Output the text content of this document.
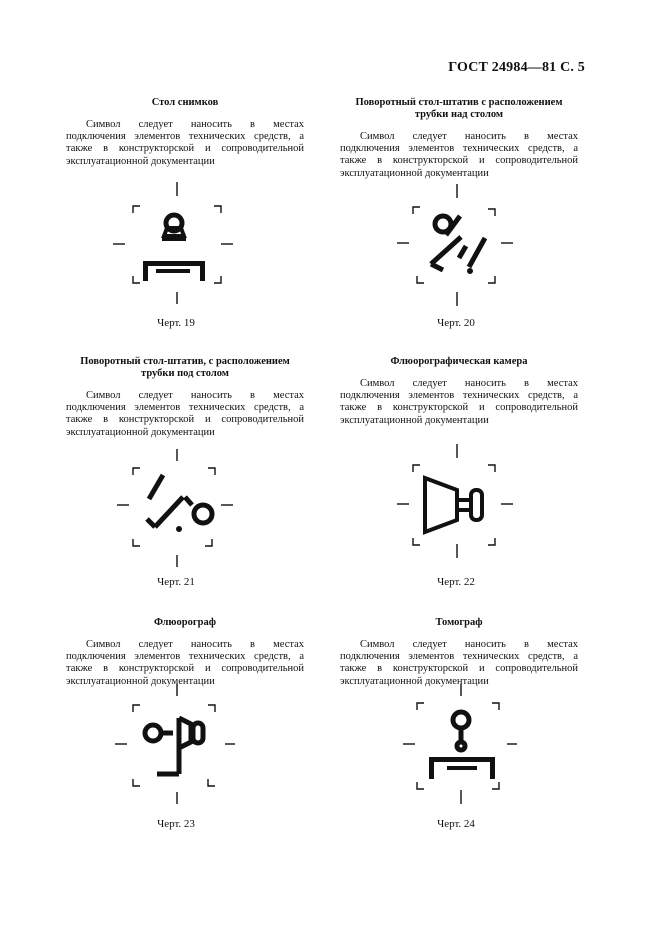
ГОСТ 24984—81 С. 5

Стол снимков

Символ следует наносить в местах подключения элементов технических средств, а также в конструкторской и сопроводительной эксплуатационной документации

Черт. 19

Поворотный стол-штатив с расположением трубки над столом

Символ следует наносить в местах подключения элементов технических средств, а также в конструкторской и сопроводительной эксплуатационной документации

Черт. 20

Поворотный стол-штатив, с расположением трубки под столом

Символ следует наносить в местах подключения элементов технических средств, а также в конструкторской и сопроводительной эксплуатационной документации

Черт. 21

Флюорографическая камера

Символ следует наносить в местах подключения элементов технических средств, а также в конструкторской и сопроводительной эксплуатационной документации

Черт. 22

Флюорограф

Символ следует наносить в местах подключения элементов технических средств, а также в конструкторской и сопроводительной эксплуатационной документации

Черт. 23

Томограф

Символ следует наносить в местах подключения элементов технических средств, а также в конструкторской и сопроводительной эксплуатационной документации

Черт. 24
